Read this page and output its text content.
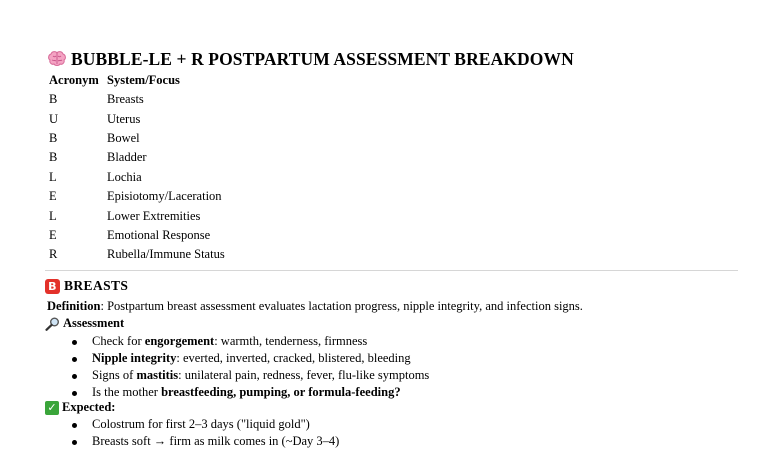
BUBBLE-LE + R POSTPARTUM ASSESSMENT BREAKDOWN
Acronym	System/Focus
B	Breasts
U	Uterus
B	Bowel
B	Bladder
L	Lochia
E	Episiotomy/Laceration
L	Lower Extremities
E	Emotional Response
R	Rubella/Immune Status
B BREASTS
Definition: Postpartum breast assessment evaluates lactation progress, nipple integrity, and infection signs.
Assessment
Check for engorgement: warmth, tenderness, firmness
Nipple integrity: everted, inverted, cracked, blistered, bleeding
Signs of mastitis: unilateral pain, redness, fever, flu-like symptoms
Is the mother breastfeeding, pumping, or formula-feeding?
✓ Expected:
Colostrum for first 2–3 days ("liquid gold")
Breasts soft → firm as milk comes in (~Day 3–4)
